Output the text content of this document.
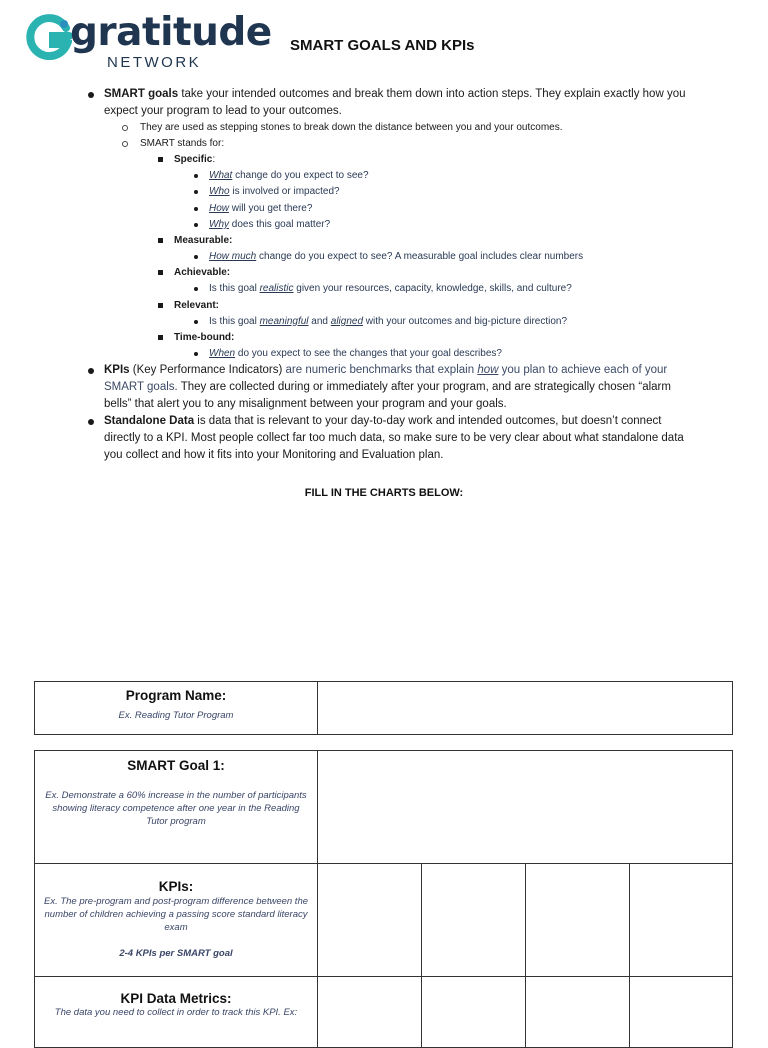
gratitude
NETWORK
SMART GOALS AND KPIs
SMART goals take your intended outcomes and break them down into action steps. They explain exactly how you expect your program to lead to your outcomes.
They are used as stepping stones to break down the distance between you and your outcomes.
SMART stands for:
Specific:
What change do you expect to see?
Who is involved or impacted?
How will you get there?
Why does this goal matter?
Measurable:
How much change do you expect to see? A measurable goal includes clear numbers
Achievable:
Is this goal realistic given your resources, capacity, knowledge, skills, and culture?
Relevant:
Is this goal meaningful and aligned with your outcomes and big-picture direction?
Time-bound:
When do you expect to see the changes that your goal describes?
KPIs (Key Performance Indicators) are numeric benchmarks that explain how you plan to achieve each of your SMART goals. They are collected during or immediately after your program, and are strategically chosen “alarm bells” that alert you to any misalignment between your program and your goals.
Standalone Data is data that is relevant to your day-to-day work and intended outcomes, but doesn’t connect directly to a KPI. Most people collect far too much data, so make sure to be very clear about what standalone data you collect and how it fits into your Monitoring and Evaluation plan.
FILL IN THE CHARTS BELOW:
Program Name:
Ex. Reading Tutor Program

SMART Goal 1:
Ex. Demonstrate a 60% increase in the number of participants showing literacy competence after one year in the Reading Tutor program				

KPIs:
Ex. The pre-program and post-program difference between the number of children achieving a passing score standard literacy exam
2-4 KPIs per SMART goal				

KPI Data Metrics:
The data you need to collect in order to track this KPI. Ex:				
